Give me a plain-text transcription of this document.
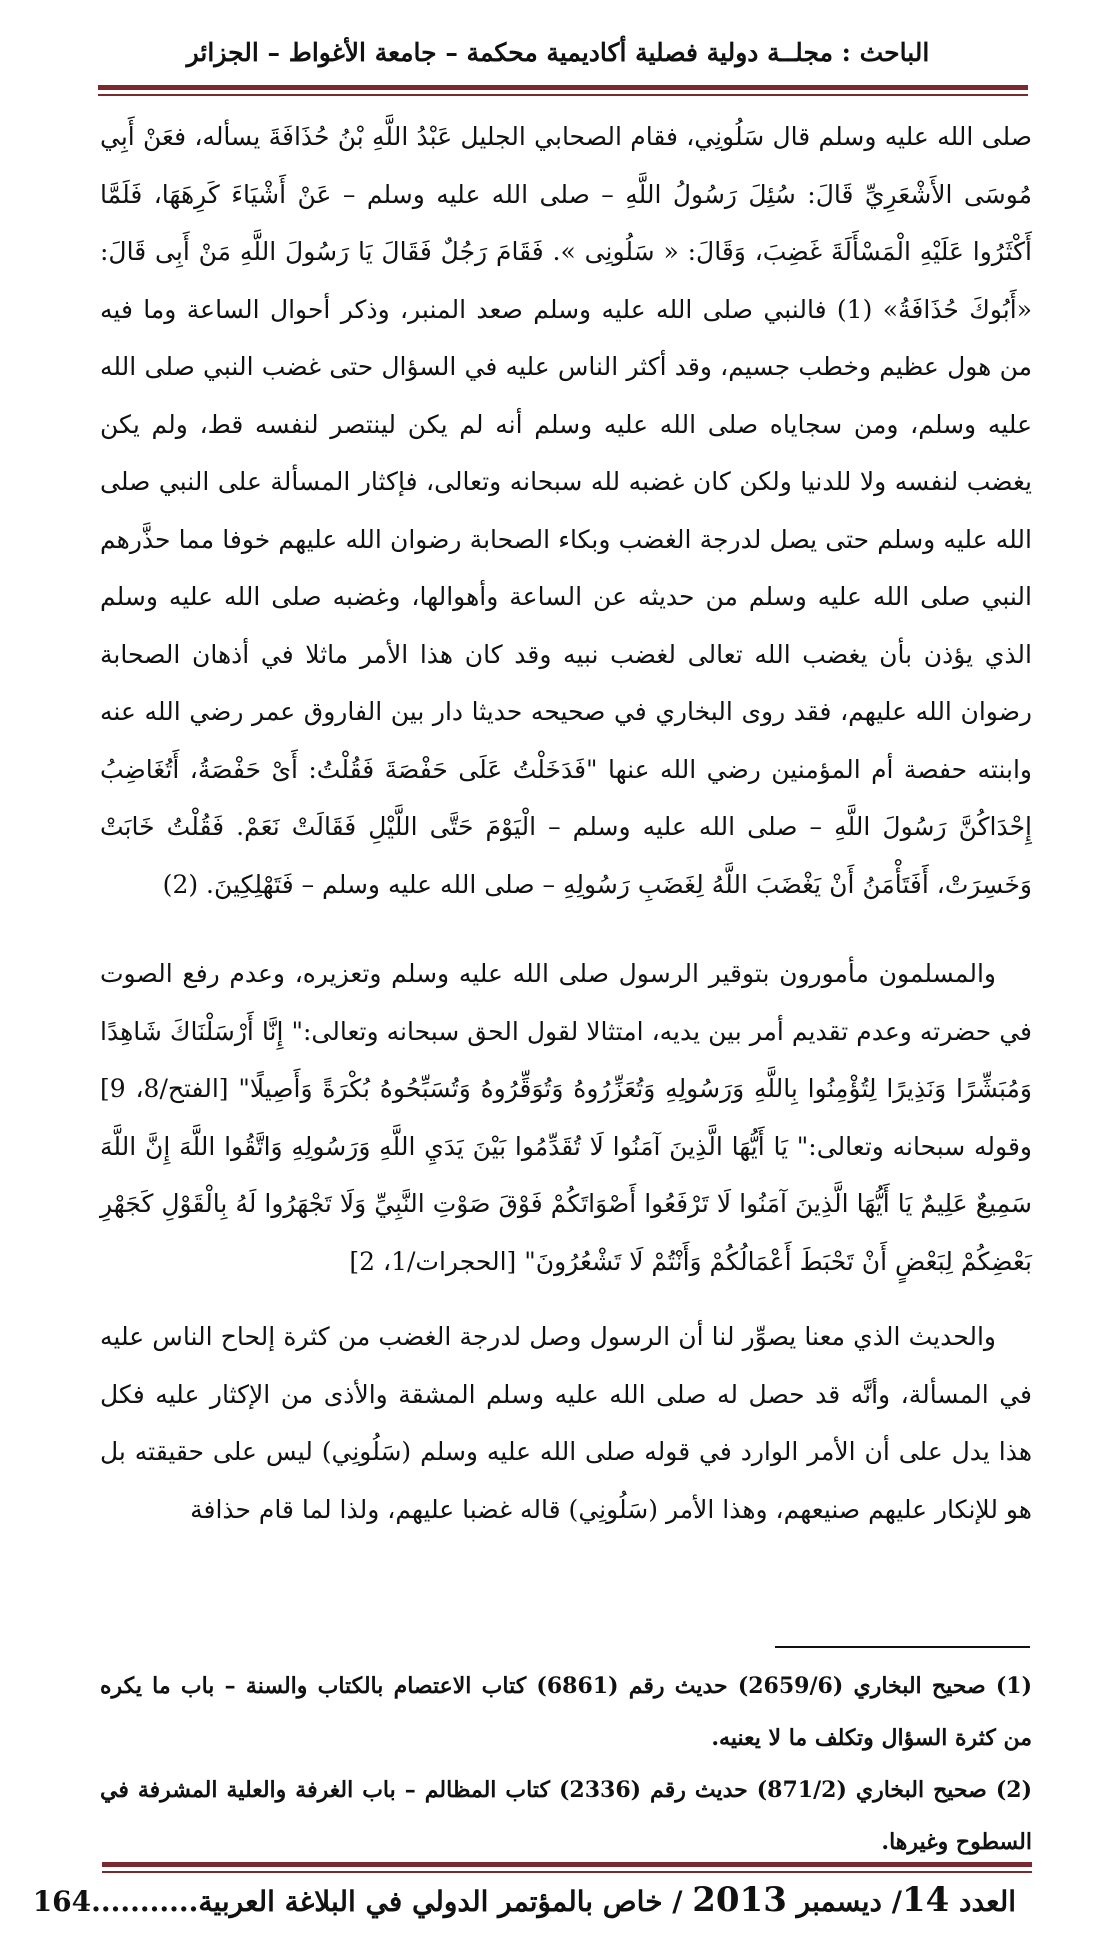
الباحث : مجلــة دولية فصلية أكاديمية محكمة – جامعة الأغواط – الجزائر

صلى الله عليه وسلم قال سَلُونِي، فقام الصحابي الجليل عَبْدُ اللَّهِ بْنُ حُذَافَةَ يسأله، فعَنْ أَبِي مُوسَى الأَشْعَرِيِّ قَالَ: سُئِلَ رَسُولُ اللَّهِ – صلى الله عليه وسلم – عَنْ أَشْيَاءَ كَرِهَهَا، فَلَمَّا أَكْثَرُوا عَلَيْهِ الْمَسْأَلَةَ غَضِبَ، وَقَالَ: « سَلُونِى ». فَقَامَ رَجُلٌ فَقَالَ يَا رَسُولَ اللَّهِ مَنْ أَبِى قَالَ: «أَبُوكَ حُذَافَةُ» (1) فالنبي صلى الله عليه وسلم صعد المنبر، وذكر أحوال الساعة وما فيه من هول عظيم وخطب جسيم، وقد أكثر الناس عليه في السؤال حتى غضب النبي صلى الله عليه وسلم، ومن سجاياه صلى الله عليه وسلم أنه لم يكن لينتصر لنفسه قط، ولم يكن يغضب لنفسه ولا للدنيا ولكن كان غضبه لله سبحانه وتعالى، فإكثار المسألة على النبي صلى الله عليه وسلم حتى يصل لدرجة الغضب وبكاء الصحابة رضوان الله عليهم خوفا مما حذَّرهم النبي صلى الله عليه وسلم من حديثه عن الساعة وأهوالها، وغضبه صلى الله عليه وسلم الذي يؤذن بأن يغضب الله تعالى لغضب نبيه وقد كان هذا الأمر ماثلا في أذهان الصحابة رضوان الله عليهم، فقد روى البخاري في صحيحه حديثا دار بين الفاروق عمر رضي الله عنه وابنته حفصة أم المؤمنين رضي الله عنها "فَدَخَلْتُ عَلَى حَفْصَةَ فَقُلْتُ: أَىْ حَفْصَةُ، أَتُغَاضِبُ إِحْدَاكُنَّ رَسُولَ اللَّهِ – صلى الله عليه وسلم – الْيَوْمَ حَتَّى اللَّيْلِ فَقَالَتْ نَعَمْ. فَقُلْتُ خَابَتْ وَخَسِرَتْ، أَفَتَأْمَنُ أَنْ يَغْضَبَ اللَّهُ لِغَضَبِ رَسُولِهِ – صلى الله عليه وسلم – فَتَهْلِكِينَ. (2)

والمسلمون مأمورون بتوقير الرسول صلى الله عليه وسلم وتعزيره، وعدم رفع الصوت في حضرته وعدم تقديم أمر بين يديه، امتثالا لقول الحق سبحانه وتعالى:" إِنَّا أَرْسَلْنَاكَ شَاهِدًا وَمُبَشِّرًا وَنَذِيرًا لِتُؤْمِنُوا بِاللَّهِ وَرَسُولِهِ وَتُعَزِّرُوهُ وَتُوَقِّرُوهُ وَتُسَبِّحُوهُ بُكْرَةً وَأَصِيلًا" [الفتح/8، 9] وقوله سبحانه وتعالى:" يَا أَيُّهَا الَّذِينَ آمَنُوا لَا تُقَدِّمُوا بَيْنَ يَدَيِ اللَّهِ وَرَسُولِهِ وَاتَّقُوا اللَّهَ إِنَّ اللَّهَ سَمِيعٌ عَلِيمٌ يَا أَيُّهَا الَّذِينَ آمَنُوا لَا تَرْفَعُوا أَصْوَاتَكُمْ فَوْقَ صَوْتِ النَّبِيِّ وَلَا تَجْهَرُوا لَهُ بِالْقَوْلِ كَجَهْرِ بَعْضِكُمْ لِبَعْضٍ أَنْ تَحْبَطَ أَعْمَالُكُمْ وَأَنْتُمْ لَا تَشْعُرُونَ" [الحجرات/1، 2]

والحديث الذي معنا يصوِّر لنا أن الرسول وصل لدرجة الغضب من كثرة إلحاح الناس عليه في المسألة، وأنَّه قد حصل له صلى الله عليه وسلم المشقة والأذى من الإكثار عليه فكل هذا يدل على أن الأمر الوارد في قوله صلى الله عليه وسلم (سَلُونِي) ليس على حقيقته بل هو للإنكار عليهم صنيعهم، وهذا الأمر (سَلُونِي) قاله غضبا عليهم، ولذا لما قام حذافة

(1) صحيح البخاري (2659/6) حديث رقم (6861) كتاب الاعتصام بالكتاب والسنة – باب ما يكره من كثرة السؤال وتكلف ما لا يعنيه.

(2) صحيح البخاري (871/2) حديث رقم (2336) كتاب المظالم – باب الغرفة والعلية المشرفة في السطوح وغيرها.

العدد 14/ ديسمبر 2013 / خاص بالمؤتمر الدولي في البلاغة العربية...........164
